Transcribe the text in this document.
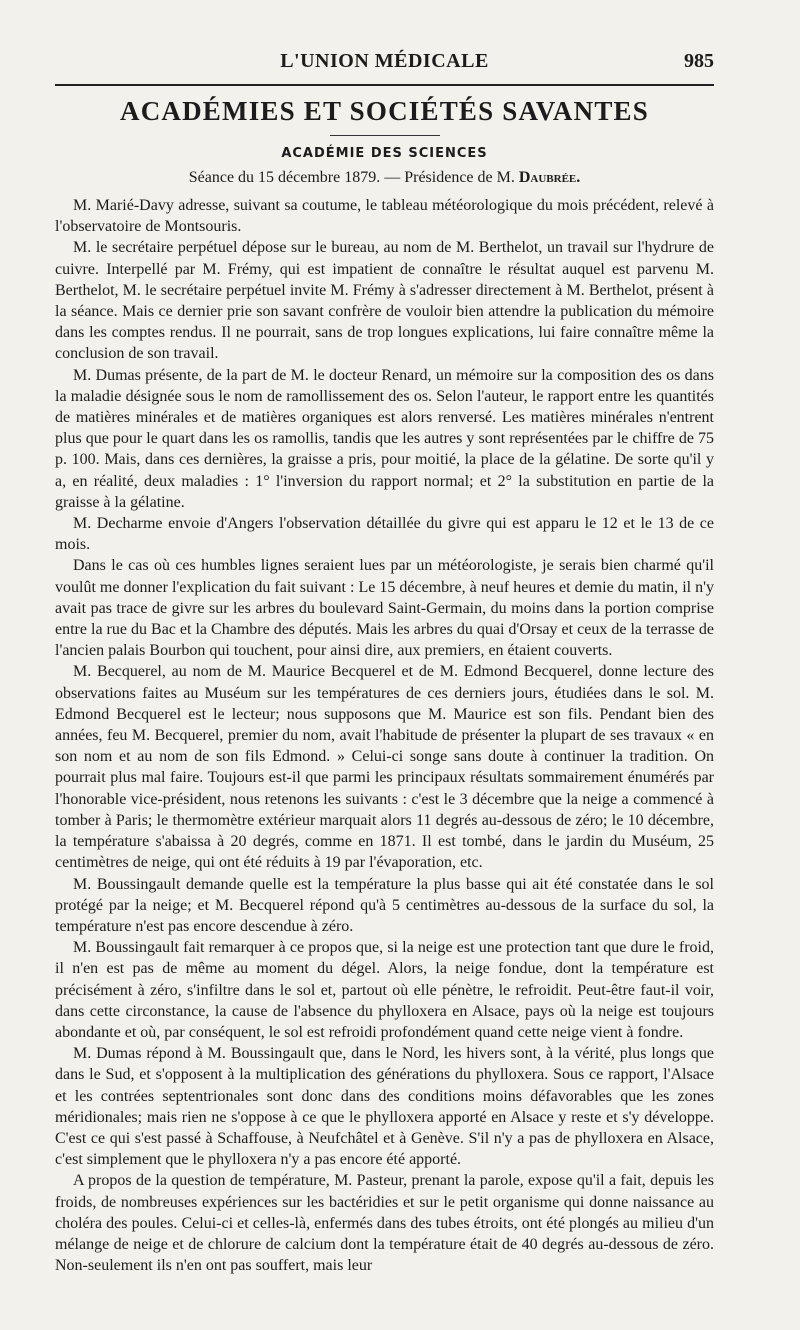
L'UNION MÉDICALE	985
ACADÉMIES ET SOCIÉTÉS SAVANTES
ACADÉMIE DES SCIENCES

Séance du 15 décembre 1879. — Présidence de M. Daubrée.

M. Marié-Davy adresse, suivant sa coutume, le tableau météorologique du mois précédent, relevé à l'observatoire de Montsouris.

M. le secrétaire perpétuel dépose sur le bureau, au nom de M. Berthelot, un travail sur l'hydrure de cuivre. Interpellé par M. Frémy, qui est impatient de connaître le résultat auquel est parvenu M. Berthelot, M. le secrétaire perpétuel invite M. Frémy à s'adresser directement à M. Berthelot, présent à la séance. Mais ce dernier prie son savant confrère de vouloir bien attendre la publication du mémoire dans les comptes rendus. Il ne pourrait, sans de trop longues explications, lui faire connaître même la conclusion de son travail.

M. Dumas présente, de la part de M. le docteur Renard, un mémoire sur la composition des os dans la maladie désignée sous le nom de ramollissement des os. Selon l'auteur, le rapport entre les quantités de matières minérales et de matières organiques est alors renversé. Les matières minérales n'entrent plus que pour le quart dans les os ramollis, tandis que les autres y sont représentées par le chiffre de 75 p. 100. Mais, dans ces dernières, la graisse a pris, pour moitié, la place de la gélatine. De sorte qu'il y a, en réalité, deux maladies : 1° l'inversion du rapport normal; et 2° la substitution en partie de la graisse à la gélatine.

M. Decharme envoie d'Angers l'observation détaillée du givre qui est apparu le 12 et le 13 de ce mois.

Dans le cas où ces humbles lignes seraient lues par un météorologiste, je serais bien charmé qu'il voulût me donner l'explication du fait suivant : Le 15 décembre, à neuf heures et demie du matin, il n'y avait pas trace de givre sur les arbres du boulevard Saint-Germain, du moins dans la portion comprise entre la rue du Bac et la Chambre des députés. Mais les arbres du quai d'Orsay et ceux de la terrasse de l'ancien palais Bourbon qui touchent, pour ainsi dire, aux premiers, en étaient couverts.

M. Becquerel, au nom de M. Maurice Becquerel et de M. Edmond Becquerel, donne lecture des observations faites au Muséum sur les températures de ces derniers jours, étudiées dans le sol. M. Edmond Becquerel est le lecteur; nous supposons que M. Maurice est son fils. Pendant bien des années, feu M. Becquerel, premier du nom, avait l'habitude de présenter la plupart de ses travaux « en son nom et au nom de son fils Edmond. » Celui-ci songe sans doute à continuer la tradition. On pourrait plus mal faire. Toujours est-il que parmi les principaux résultats sommairement énumérés par l'honorable vice-président, nous retenons les suivants : c'est le 3 décembre que la neige a commencé à tomber à Paris; le thermomètre extérieur marquait alors 11 degrés au-dessous de zéro; le 10 décembre, la température s'abaissa à 20 degrés, comme en 1871. Il est tombé, dans le jardin du Muséum, 25 centimètres de neige, qui ont été réduits à 19 par l'évaporation, etc.

M. Boussingault demande quelle est la température la plus basse qui ait été constatée dans le sol protégé par la neige; et M. Becquerel répond qu'à 5 centimètres au-dessous de la surface du sol, la température n'est pas encore descendue à zéro.

M. Boussingault fait remarquer à ce propos que, si la neige est une protection tant que dure le froid, il n'en est pas de même au moment du dégel. Alors, la neige fondue, dont la température est précisément à zéro, s'infiltre dans le sol et, partout où elle pénètre, le refroidit. Peut-être faut-il voir, dans cette circonstance, la cause de l'absence du phylloxera en Alsace, pays où la neige est toujours abondante et où, par conséquent, le sol est refroidi profondément quand cette neige vient à fondre.

M. Dumas répond à M. Boussingault que, dans le Nord, les hivers sont, à la vérité, plus longs que dans le Sud, et s'opposent à la multiplication des générations du phylloxera. Sous ce rapport, l'Alsace et les contrées septentrionales sont donc dans des conditions moins défavorables que les zones méridionales; mais rien ne s'oppose à ce que le phylloxera apporté en Alsace y reste et s'y développe. C'est ce qui s'est passé à Schaffouse, à Neufchâtel et à Genève. S'il n'y a pas de phylloxera en Alsace, c'est simplement que le phylloxera n'y a pas encore été apporté.

A propos de la question de température, M. Pasteur, prenant la parole, expose qu'il a fait, depuis les froids, de nombreuses expériences sur les bactéridies et sur le petit organisme qui donne naissance au choléra des poules. Celui-ci et celles-là, enfermés dans des tubes étroits, ont été plongés au milieu d'un mélange de neige et de chlorure de calcium dont la température était de 40 degrés au-dessous de zéro. Non-seulement ils n'en ont pas souffert, mais leur
